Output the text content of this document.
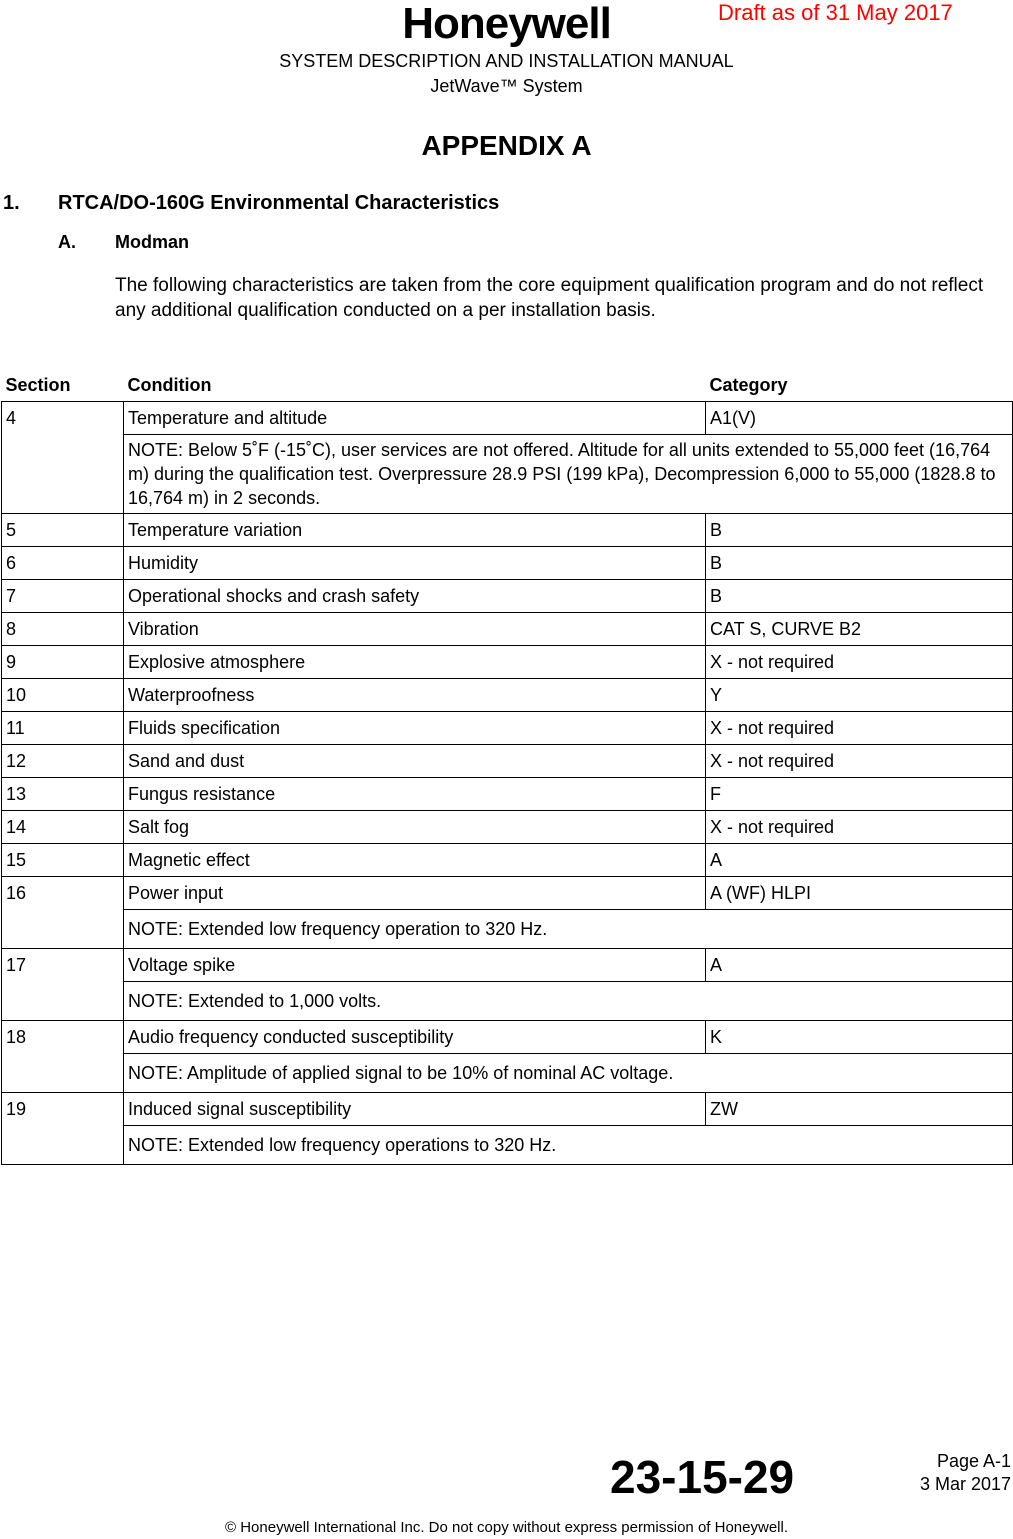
Honeywell	Draft as of 31 May 2017
SYSTEM DESCRIPTION AND INSTALLATION MANUAL
JetWave™ System
APPENDIX A
1. RTCA/DO-160G Environmental Characteristics
A. Modman
The following characteristics are taken from the core equipment qualification program and do not reflect any additional qualification conducted on a per installation basis.
Section	Condition	Category
4	Temperature and altitude	A1(V)
	NOTE: Below 5˚F (-15˚C), user services are not offered. Altitude for all units extended to 55,000 feet (16,764 m) during the qualification test. Overpressure 28.9 PSI (199 kPa), Decompression 6,000 to 55,000 (1828.8 to 16,764 m) in 2 seconds.	
5	Temperature variation	B
6	Humidity	B
7	Operational shocks and crash safety	B
8	Vibration	CAT S, CURVE B2
9	Explosive atmosphere	X - not required
10	Waterproofness	Y
11	Fluids specification	X - not required
12	Sand and dust	X - not required
13	Fungus resistance	F
14	Salt fog	X - not required
15	Magnetic effect	A
16	Power input	A (WF) HLPI
	NOTE: Extended low frequency operation to 320 Hz.	
17	Voltage spike	A
	NOTE: Extended to 1,000 volts.	
18	Audio frequency conducted susceptibility	K
	NOTE: Amplitude of applied signal to be 10% of nominal AC voltage.	
19	Induced signal susceptibility	ZW
	NOTE: Extended low frequency operations to 320 Hz.	
23-15-29	Page A-1
3 Mar 2017
© Honeywell International Inc. Do not copy without express permission of Honeywell.
